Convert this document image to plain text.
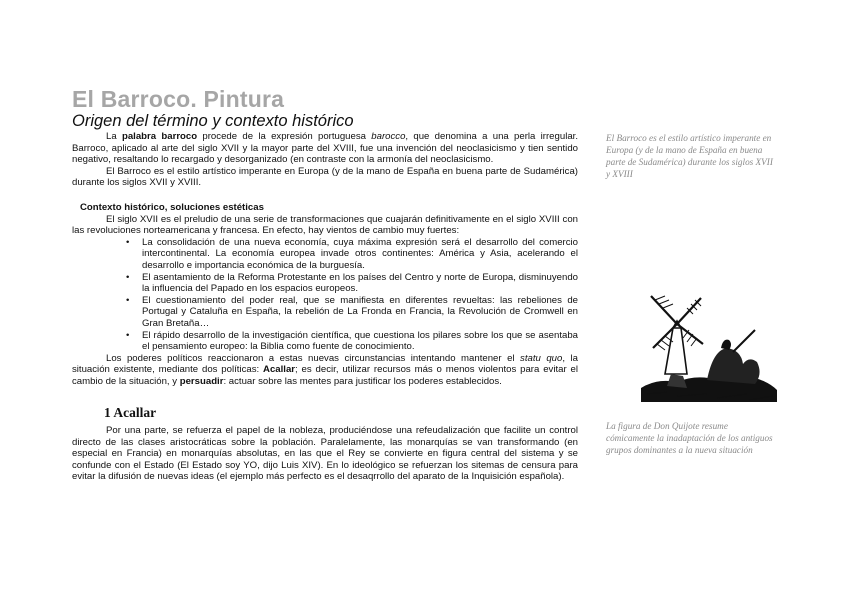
El Barroco. Pintura
Origen del término y contexto histórico

La palabra barroco procede de la expresión portuguesa barocco, que denomina a una perla irregular. Barroco, aplicado al arte del siglo XVII y la mayor parte del XVIII, fue una invención del neoclasicismo y tien sentido negativo, resaltando lo recargado y desorganizado (en contraste con la armonía del neoclasicismo.

El Barroco es el estilo artístico imperante en Europa (y de la mano de España en buena parte de Sudamérica) durante los siglos XVII y XVIII.

Contexto histórico, soluciones estéticas

El siglo XVII es el preludio de una serie de transformaciones que cuajarán definitivamente en el siglo XVIII con las revoluciones norteamericana y francesa. En efecto, hay vientos de cambio muy fuertes:

• La consolidación de una nueva economía, cuya máxima expresión será el desarrollo del comercio intercontinental. La economía europea invade otros continentes: América y Asia, acelerando el desarrollo e importancia económica de la burguesía.
• El asentamiento de la Reforma Protestante en los países del Centro y norte de Europa, disminuyendo la influencia del Papado en los espacios europeos.
• El cuestionamiento del poder real, que se manifiesta en diferentes revueltas: las rebeliones de Portugal y Cataluña en España, la rebelión de La Fronda en Francia, la Revolución de Cromwell en Gran Bretaña…
• El rápido desarrollo de la investigación científica, que cuestiona los pilares sobre los que se asentaba el pensamiento europeo: la Biblia como fuente de conocimiento.

Los poderes políticos reaccionaron a estas nuevas circunstancias intentando mantener el statu quo, la situación existente, mediante dos políticas: Acallar; es decir, utilizar recursos más o menos violentos para evitar el cambio de la situación, y persuadir: actuar sobre las mentes para justificar los poderes establecidos.

1 Acallar

Por una parte, se refuerza el papel de la nobleza, produciéndose una refeudalización que facilite un control directo de las clases aristocráticas sobre la población. Paralelamente, las monarquías se van transformando (en especial en Francia) en monarquías absolutas, en las que el Rey se convierte en figura central del sistema y se confunde con el Estado (El Estado soy YO, dijo Luis XIV). En lo ideológico se refuerzan los sitemas de censura para evitar la difusión de nuevas ideas (el ejemplo más perfecto es el desaqrrollo del aparato de la Inquisición española).

El Barroco es el estilo artístico imperante en Europa (y de la mano de España en buena parte de Sudamérica) durante los siglos XVII y XVIII
La figura de Don Quijote resume cómicamente la inadaptación de los antiguos grupos dominantes a la nueva situación
